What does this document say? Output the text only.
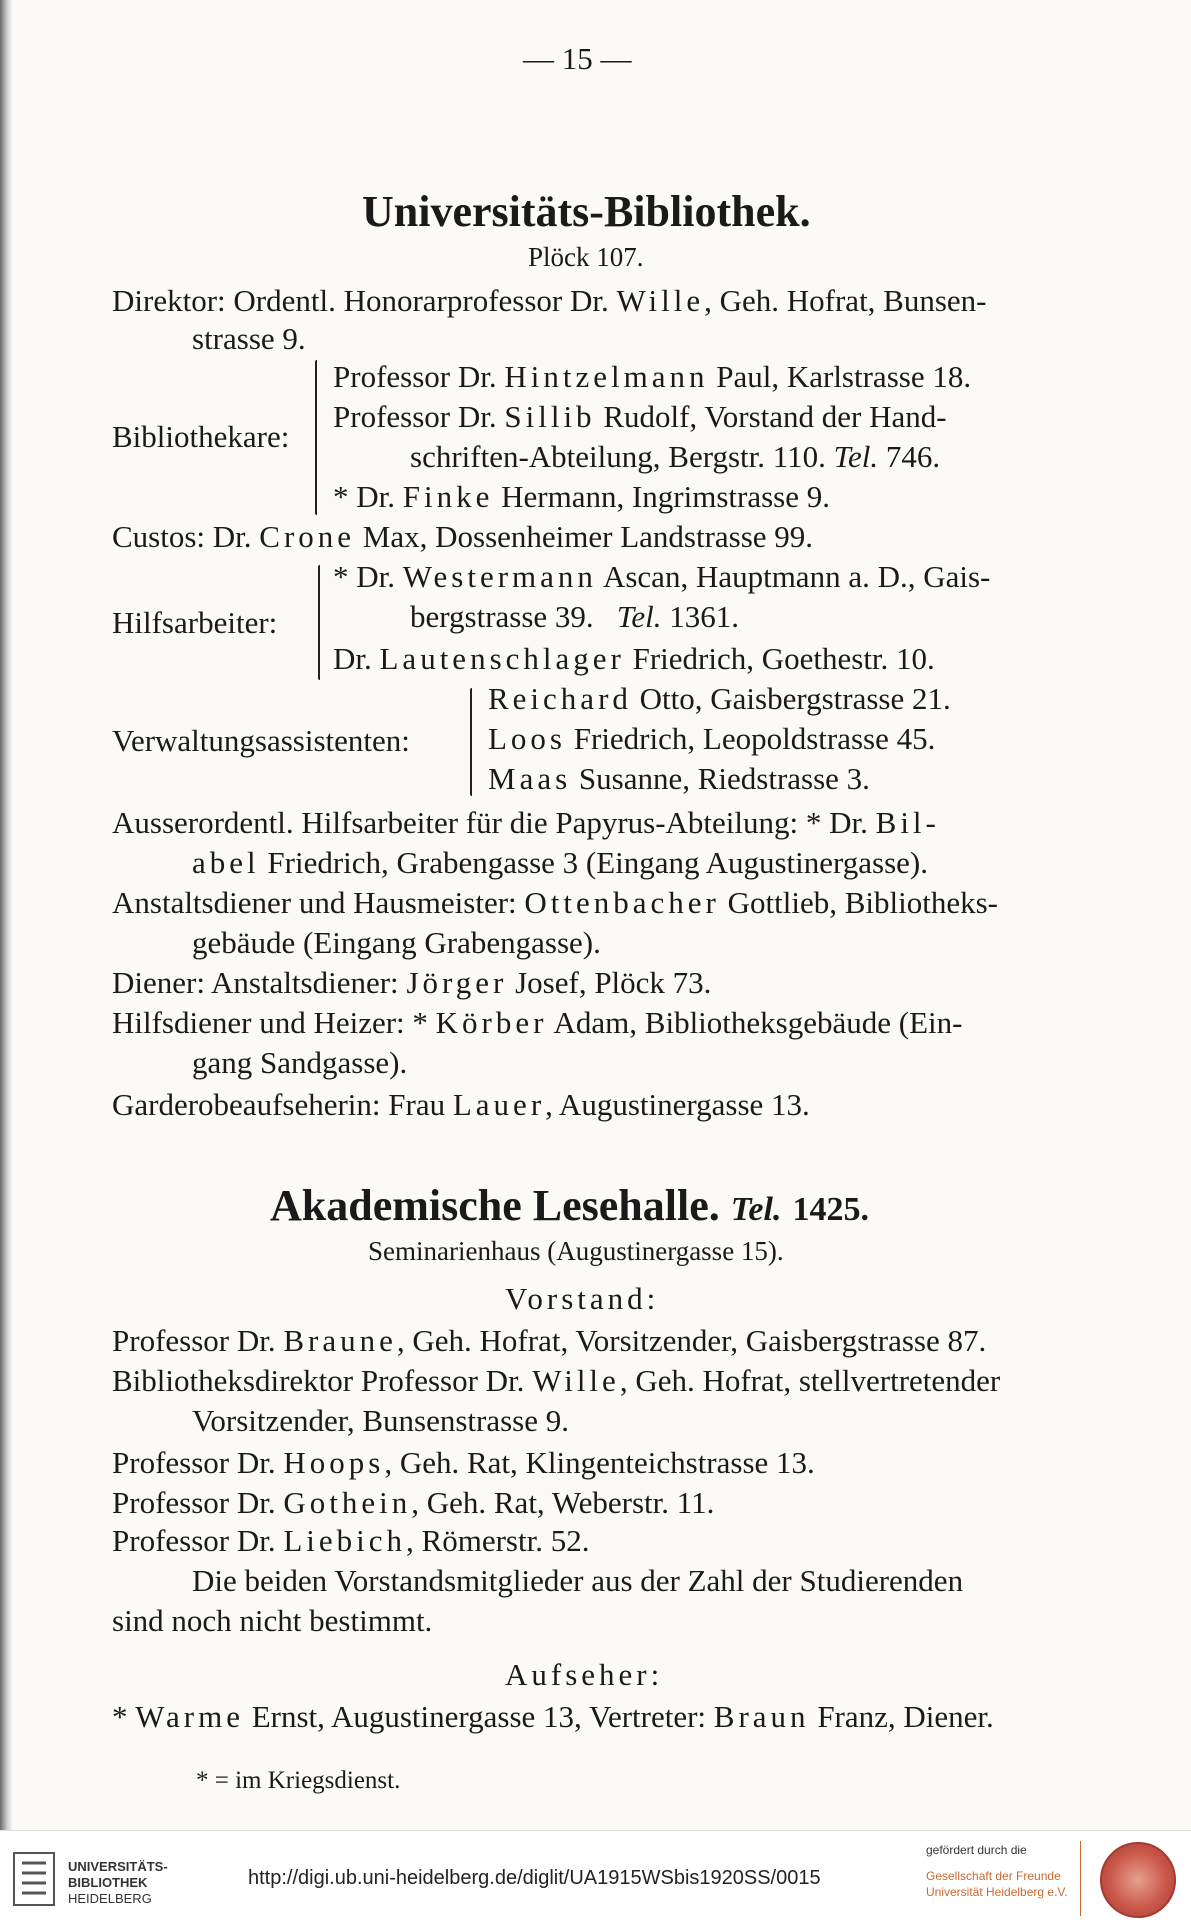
— 15 —
Universitäts-Bibliothek.
Plöck 107.
Direktor: Ordentl. Honorarprofessor Dr. Wille, Geh. Hofrat, Bunsen-
strasse 9.
Bibliothekare:
Professor Dr. Hintzelmann Paul, Karlstrasse 18.
Professor Dr. Sillib Rudolf, Vorstand der Hand-
schriften-Abteilung, Bergstr. 110. Tel. 746.
* Dr. Finke Hermann, Ingrimstrasse 9.
Custos: Dr. Crone Max, Dossenheimer Landstrasse 99.
Hilfsarbeiter:
* Dr. Westermann Ascan, Hauptmann a. D., Gais-
bergstrasse 39. Tel. 1361.
Dr. Lautenschlager Friedrich, Goethestr. 10.
Verwaltungsassistenten:
Reichard Otto, Gaisbergstrasse 21.
Loos Friedrich, Leopoldstrasse 45.
Maas Susanne, Riedstrasse 3.
Ausserordentl. Hilfsarbeiter für die Papyrus-Abteilung: * Dr. Bil-
abel Friedrich, Grabengasse 3 (Eingang Augustinergasse).
Anstaltsdiener und Hausmeister: Ottenbacher Gottlieb, Bibliotheks-
gebäude (Eingang Grabengasse).
Diener: Anstaltsdiener: Jörger Josef, Plöck 73.
Hilfsdiener und Heizer: * Körber Adam, Bibliotheksgebäude (Ein-
gang Sandgasse).
Garderobeaufseherin: Frau Lauer, Augustinergasse 13.
Akademische Lesehalle. Tel. 1425.
Seminarienhaus (Augustinergasse 15).
Vorstand:
Professor Dr. Braune, Geh. Hofrat, Vorsitzender, Gaisbergstrasse 87.
Bibliotheksdirektor Professor Dr. Wille, Geh. Hofrat, stellvertretender
Vorsitzender, Bunsenstrasse 9.
Professor Dr. Hoops, Geh. Rat, Klingenteichstrasse 13.
Professor Dr. Gothein, Geh. Rat, Weberstr. 11.
Professor Dr. Liebich, Römerstr. 52.
Die beiden Vorstandsmitglieder aus der Zahl der Studierenden
sind noch nicht bestimmt.
Aufseher:
* Warme Ernst, Augustinergasse 13, Vertreter: Braun Franz, Diener.
* = im Kriegsdienst.
UNIVERSITÄTS-
BIBLIOTHEK
HEIDELBERG
http://digi.ub.uni-heidelberg.de/diglit/UA1915WSbis1920SS/0015
gefördert durch die
Gesellschaft der Freunde
Universität Heidelberg e.V.
